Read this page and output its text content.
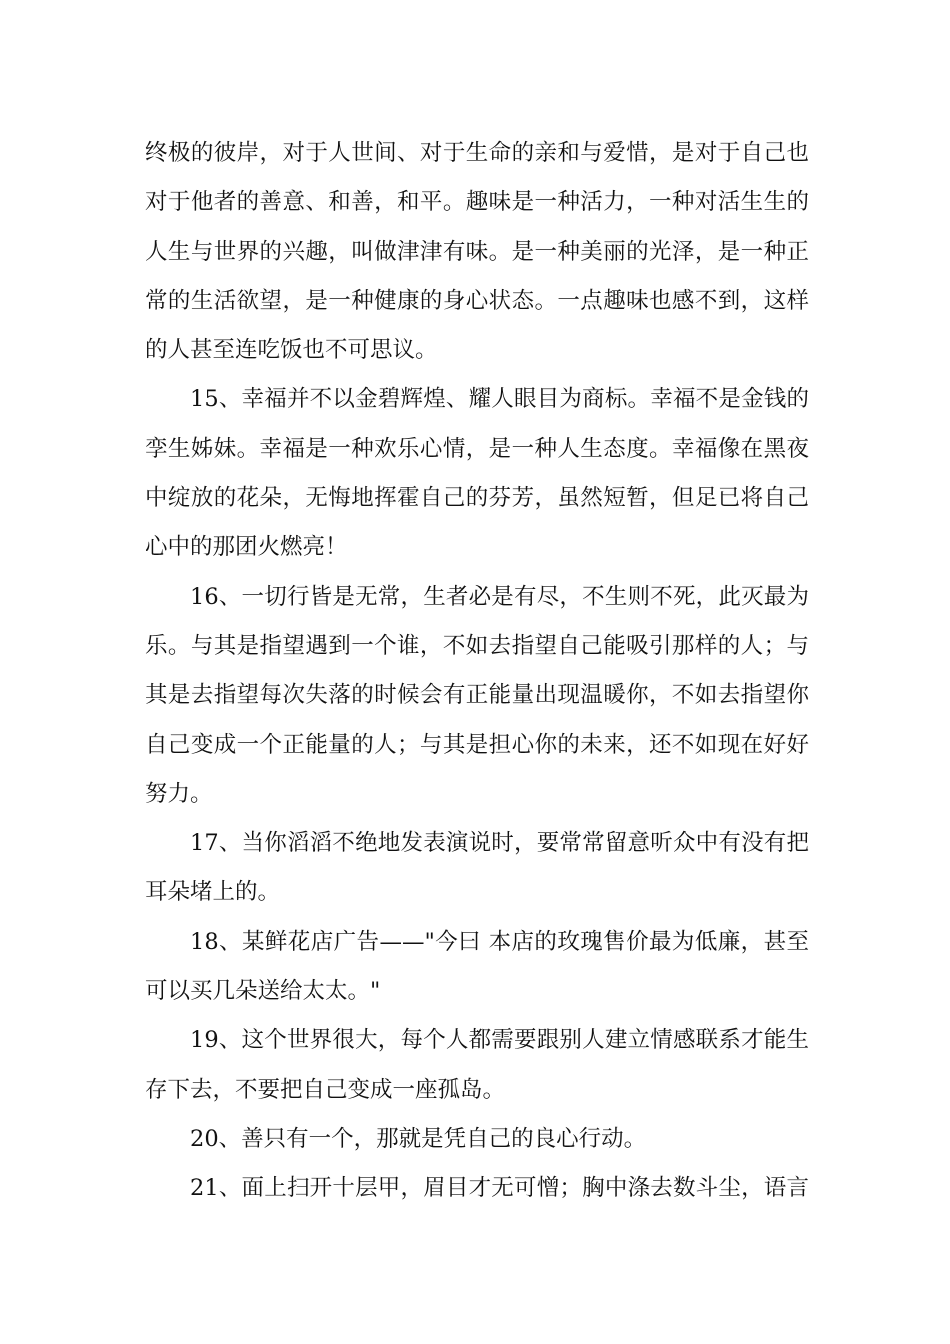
终极的彼岸，对于人世间、对于生命的亲和与爱惜，是对于自己也
对于他者的善意、和善，和平。趣味是一种活力，一种对活生生的
人生与世界的兴趣，叫做津津有味。是一种美丽的光泽，是一种正
常的生活欲望，是一种健康的身心状态。一点趣味也感不到，这样
的人甚至连吃饭也不可思议。
15、幸福并不以金碧辉煌、耀人眼目为商标。幸福不是金钱的
孪生姊妹。幸福是一种欢乐心情，是一种人生态度。幸福像在黑夜
中绽放的花朵，无悔地挥霍自己的芬芳，虽然短暂，但足已将自己
心中的那团火燃亮！
16、一切行皆是无常，生者必是有尽，不生则不死，此灭最为
乐。与其是指望遇到一个谁，不如去指望自己能吸引那样的人；与
其是去指望每次失落的时候会有正能量出现温暖你，不如去指望你
自己变成一个正能量的人；与其是担心你的未来，还不如现在好好
努力。
17、当你滔滔不绝地发表演说时，要常常留意听众中有没有把
耳朵堵上的。
18、某鲜花店广告——"今曰 本店的玫瑰售价最为低廉，甚至
可以买几朵送给太太。"
19、这个世界很大，每个人都需要跟别人建立情感联系才能生
存下去，不要把自己变成一座孤岛。
20、善只有一个，那就是凭自己的良心行动。
21、面上扫开十层甲，眉目才无可憎；胸中涤去数斗尘，语言
